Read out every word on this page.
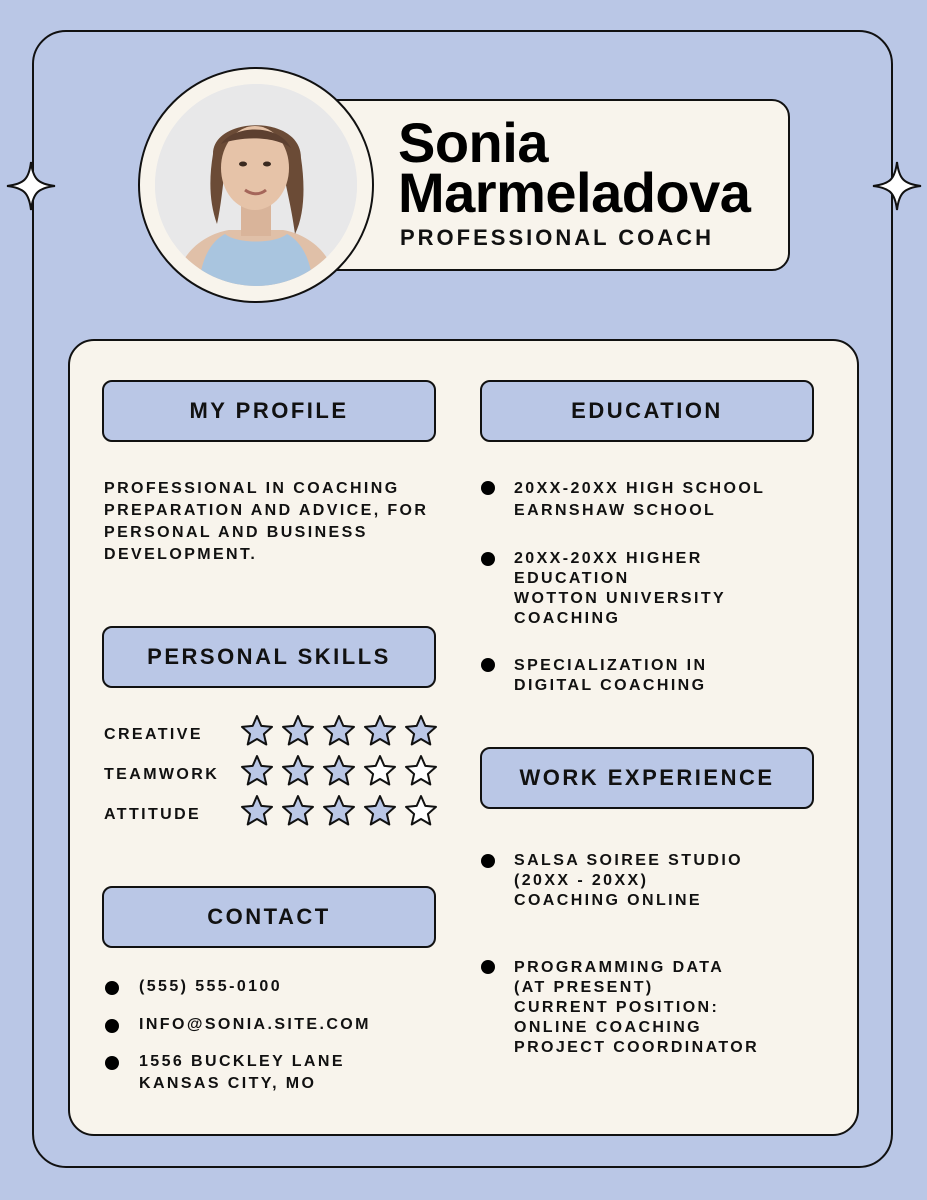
Sonia
Marmeladova
PROFESSIONAL COACH
MY PROFILE

PROFESSIONAL IN COACHING
PREPARATION AND ADVICE, FOR
PERSONAL AND BUSINESS
DEVELOPMENT.

PERSONAL SKILLS
CREATIVE
TEAMWORK
ATTITUDE
CONTACT

(555) 555-0100

INFO@SONIA.SITE.COM

1556 BUCKLEY LANE
KANSAS CITY, MO

EDUCATION

20XX-20XX HIGH SCHOOL
EARNSHAW SCHOOL

20XX-20XX HIGHER
EDUCATION
WOTTON UNIVERSITY
COACHING

SPECIALIZATION IN
DIGITAL COACHING

WORK EXPERIENCE

SALSA SOIREE STUDIO
(20XX - 20XX)
COACHING ONLINE

PROGRAMMING DATA
(AT PRESENT)
CURRENT POSITION:
ONLINE COACHING
PROJECT COORDINATOR
